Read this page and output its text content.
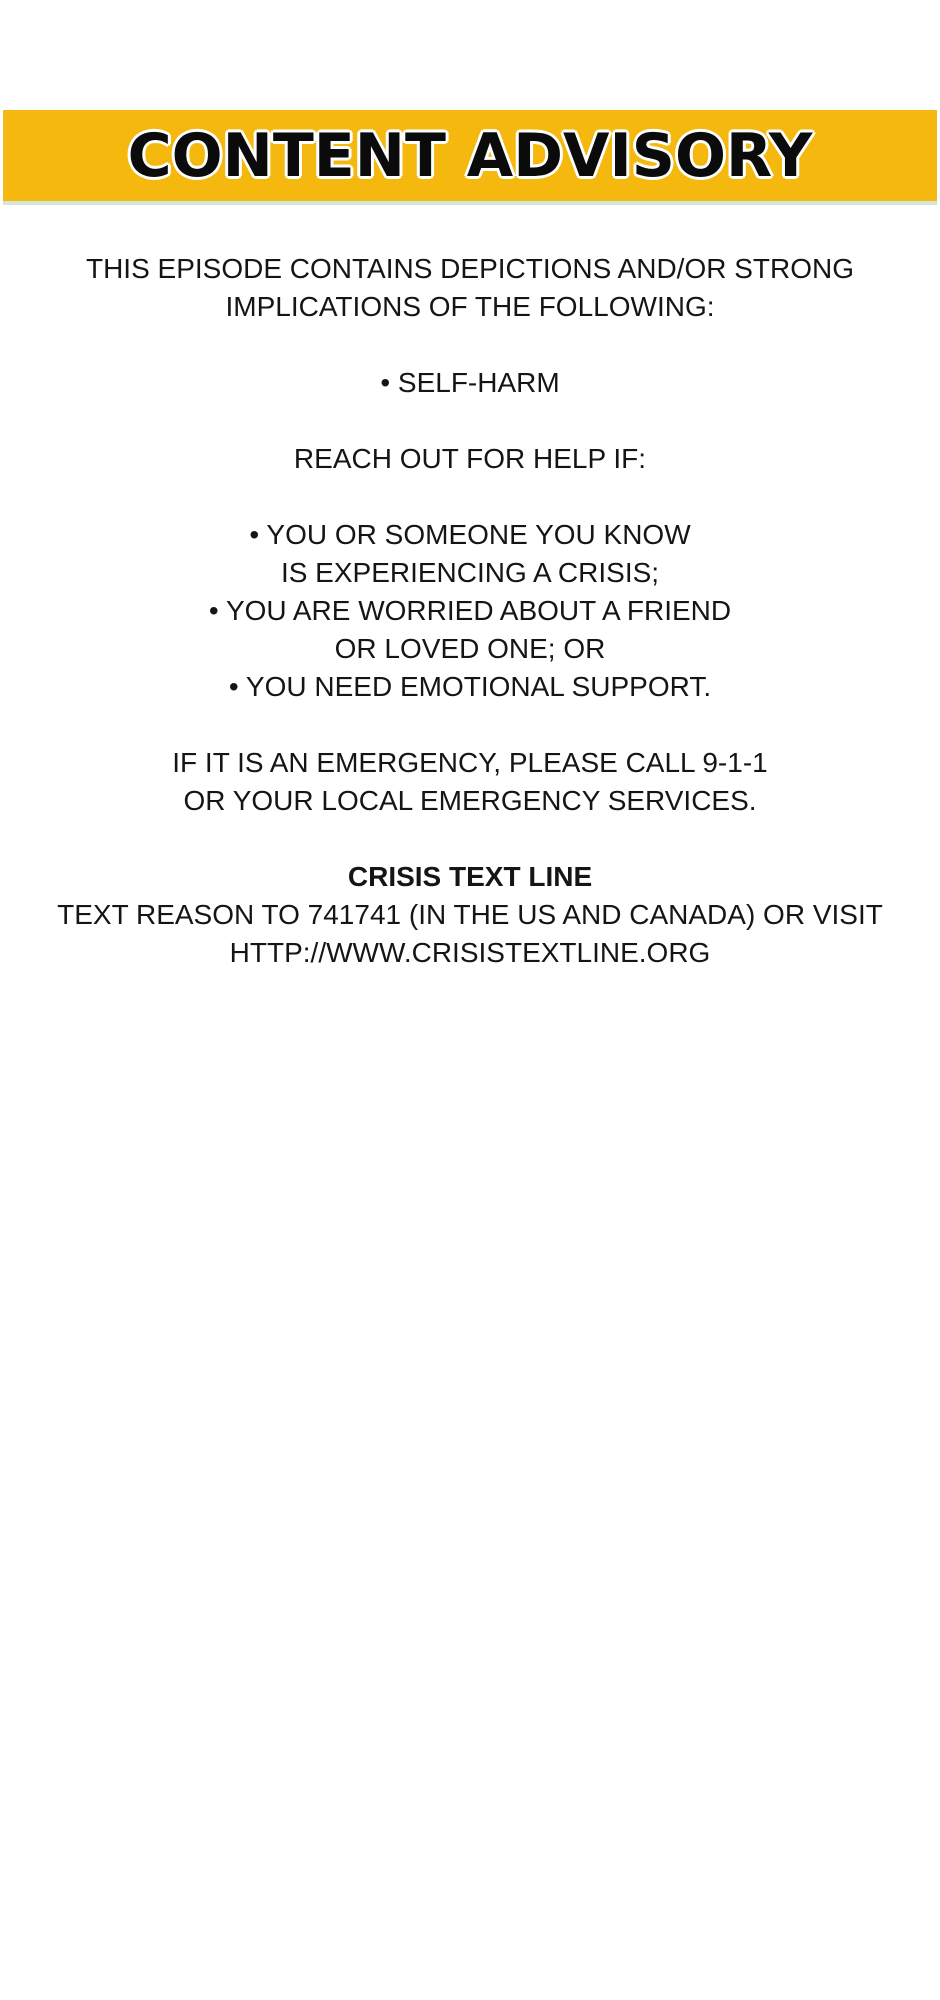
CONTENT ADVISORY
THIS EPISODE CONTAINS DEPICTIONS AND/OR STRONG
IMPLICATIONS OF THE FOLLOWING:
• SELF-HARM
REACH OUT FOR HELP IF:
• YOU OR SOMEONE YOU KNOW
IS EXPERIENCING A CRISIS;
• YOU ARE WORRIED ABOUT A FRIEND
OR LOVED ONE; OR
• YOU NEED EMOTIONAL SUPPORT.
IF IT IS AN EMERGENCY, PLEASE CALL 9-1-1
OR YOUR LOCAL EMERGENCY SERVICES.
CRISIS TEXT LINE
TEXT REASON TO 741741 (IN THE US AND CANADA) OR VISIT
HTTP://WWW.CRISISTEXTLINE.ORG
